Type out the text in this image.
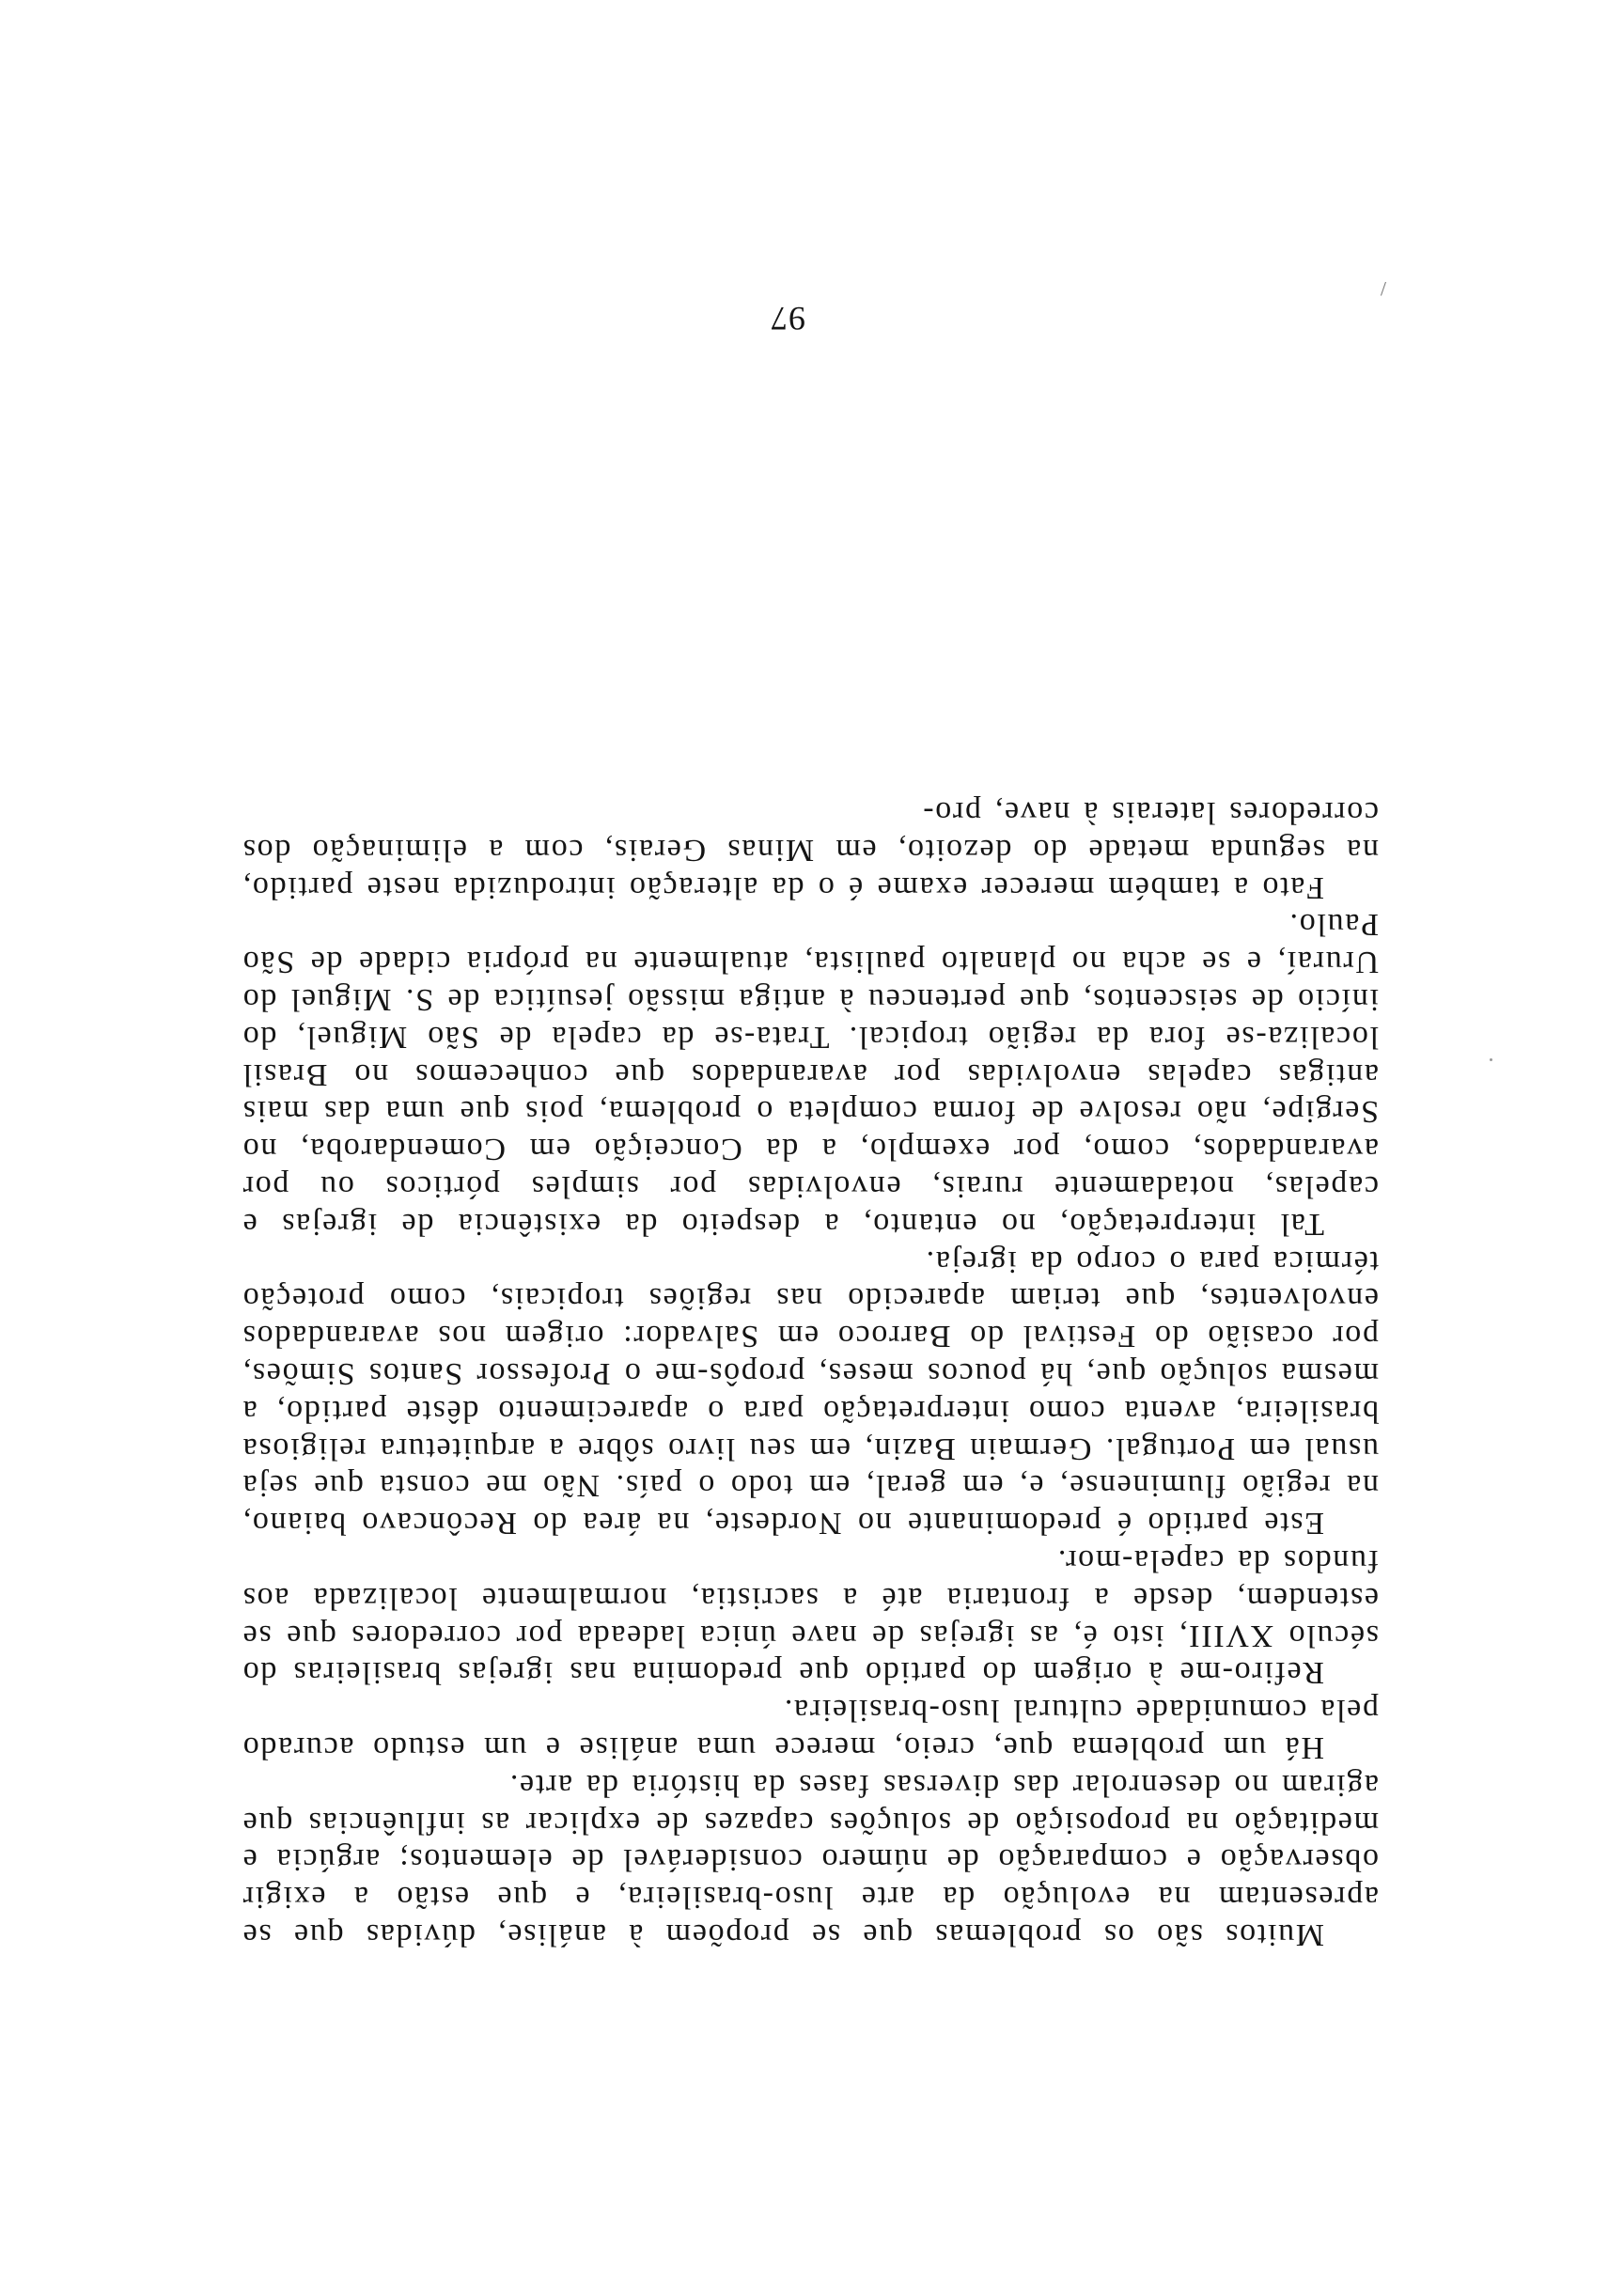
Muitos são os problemas que se propõem à análise, dúvidas que se apresentam na evolução da arte luso-brasileira, e que estão a exigir observação e comparação de número considerável de elementos; argúcia e meditação na proposição de soluções capazes de explicar as influências que agiram no desenrolar das diversas fases da história da arte.

Há um problema que, creio, merece uma análise e um estudo acurado pela comunidade cultural luso-brasileira.

Refiro-me à origem do partido que predomina nas igrejas brasileiras do século XVIII, isto é, as igrejas de nave única ladeada por corredores que se estendem, desde a frontaria até a sacristia, normalmente localizada aos fundos da capela-mor.

Este partido é predominante no Nordeste, na área do Recôncavo baiano, na região fluminense, e, em geral, em todo o país. Não me consta que seja usual em Portugal. Germain Bazin, em seu livro sôbre a arquitetura religiosa brasileira, aventa como interpretação para o aparecimento dêste partido, a mesma solução que, há poucos meses, propôs-me o Professor Santos Simões, por ocasião do Festival do Barroco em Salvador: origem nos avarandados envolventes, que teriam aparecido nas regiões tropicais, como proteção térmica para o corpo da igreja.

Tal interpretação, no entanto, a despeito da existência de igrejas e capelas, notadamente rurais, envolvidas por simples pórticos ou por avarandados, como, por exemplo, a da Conceição em Comendaroba, no Sergipe, não resolve de forma completa o problema, pois que uma das mais antigas capelas envolvidas por avarandados que conhecemos no Brasil localiza-se fora da região tropical. Trata-se da capela de São Miguel, do início de seiscentos, que pertenceu à antiga missão jesuítica de S. Miguel do Ururaí, e se acha no planalto paulista, atualmente na própria cidade de São Paulo.

Fato a também merecer exame é o da alteração introduzida neste partido, na segunda metade do dezoito, em Minas Gerais, com a eliminação dos corredores laterais à nave, pro-

97
/
